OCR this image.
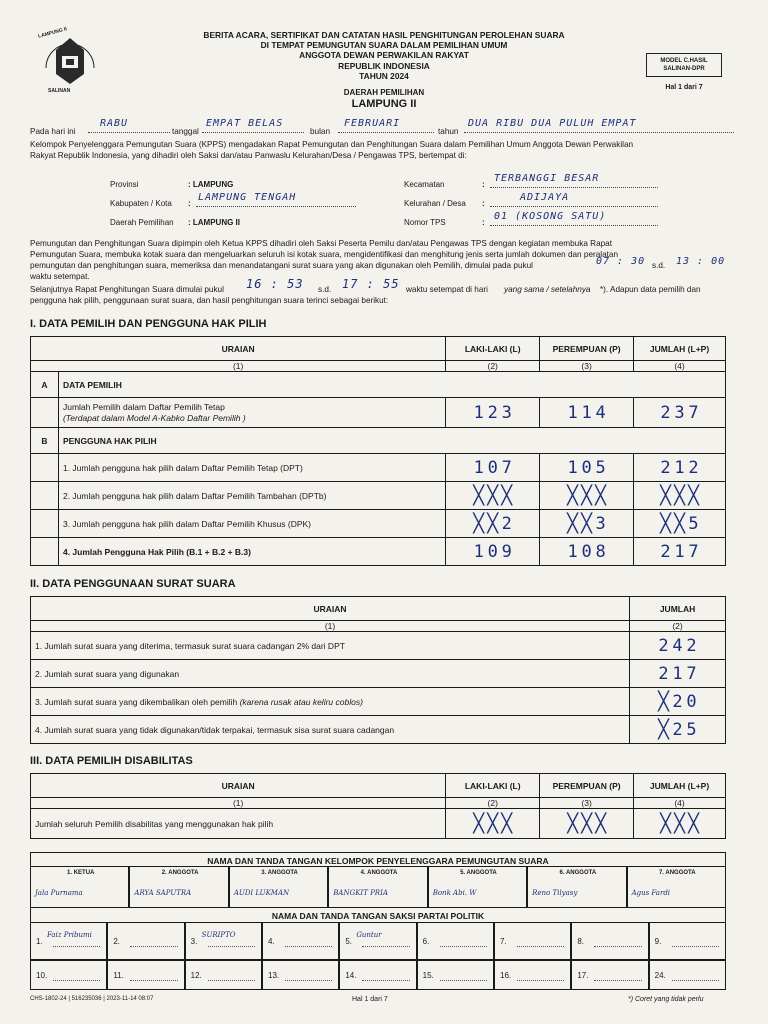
LAMPUNG II
SALINAN
BERITA ACARA, SERTIFIKAT DAN CATATAN HASIL PENGHITUNGAN PEROLEHAN SUARA
DI TEMPAT PEMUNGUTAN SUARA DALAM PEMILIHAN UMUM
ANGGOTA DEWAN PERWAKILAN RAKYAT
REPUBLIK INDONESIA
TAHUN 2024
DAERAH PEMILIHAN
LAMPUNG II
MODEL C.HASIL
SALINAN-DPR
Hal 1 dari 7
Pada hari ini
RABU
tanggal
EMPAT BELAS
bulan
FEBRUARI
tahun
DUA RIBU DUA PULUH EMPAT
Kelompok Penyelenggara Pemungutan Suara (KPPS) mengadakan Rapat Pemungutan dan Penghitungan Suara dalam Pemilihan Umum Anggota Dewan Perwakilan
Rakyat Republik Indonesia, yang dihadiri oleh Saksi dan/atau Panwaslu Kelurahan/Desa / Pengawas TPS, bertempat di:
Provinsi	: LAMPUNG
Kabupaten / Kota :
LAMPUNG TENGAH
Daerah Pemilihan : LAMPUNG II
Kecamatan	:
TERBANGGI BESAR
Kelurahan / Desa :
ADIJAYA
Nomor TPS	:
01 (KOSONG SATU)
Pemungutan dan Penghitungan Suara dipimpin oleh Ketua KPPS dihadiri oleh Saksi Peserta Pemilu dan/atau Pengawas TPS dengan kegiatan membuka Rapat
Pemungutan Suara, membuka kotak suara dan mengeluarkan seluruh isi kotak suara, mengidentifikasi dan menghitung jenis serta jumlah dokumen dan peralatan
pemungutan dan penghitungan suara, memeriksa dan menandatangani surat suara yang akan digunakan oleh Pemilih, dimulai pada pukul	07 : 30 s.d. 13 : 00
waktu setempat.
Selanjutnya Rapat Penghitungan Suara dimulai pukul 16 : 53 s.d. 17 : 55 waktu setempat di hari yang sama / setelahnya *). Adapun data pemilih dan
pengguna hak pilih, penggunaan surat suara, dan hasil penghitungan suara terinci sebagai berikut:
I. DATA PEMILIH DAN PENGGUNA HAK PILIH
URAIAN		LAKI-LAKI (L)	PEREMPUAN (P)	JUMLAH (L+P)
(1)		(2)	(3)	(4)
A	DATA PEMILIH			

	Jumlah Pemilih dalam Daftar Pemilih Tetap
(Terdapat dalam Model A-Kabko Daftar Pemilih )	1 2 3	1 1 4	2 3 7
B	PENGGUNA HAK PILIH			
	1. Jumlah pengguna hak pilih dalam Daftar Pemilih Tetap (DPT)	1 0 7	1 0 5	2 1 2
	2. Jumlah pengguna hak pilih dalam Daftar Pemilih Tambahan (DPTb)	╳ ╳ ╳	╳ ╳ ╳	╳ ╳ ╳
	3. Jumlah pengguna hak pilih dalam Daftar Pemilih Khusus (DPK)	╳ ╳ 2	╳ ╳ 3	╳ ╳ 5
	4. Jumlah Pengguna Hak Pilih (B.1 + B.2 + B.3)	1 0 9	1 0 8	2 1 7
II. DATA PENGGUNAAN SURAT SUARA
URAIAN	JUMLAH
(1)	(2)
1. Jumlah surat suara yang diterima, termasuk surat suara cadangan 2% dari DPT	2 4 2
2. Jumlah surat suara yang digunakan	2 1 7
3. Jumlah surat suara yang dikembalikan oleh pemilih (karena rusak atau keliru coblos)	╳ 2 0
4. Jumlah surat suara yang tidak digunakan/tidak terpakai, termasuk sisa surat suara cadangan	╳ 2 5
III. DATA PEMILIH DISABILITAS
URAIAN	LAKI-LAKI (L)	PEREMPUAN (P)	JUMLAH (L+P)
(1)	(2)	(3)	(4)
Jumlah seluruh Pemilih disabilitas yang menggunakan hak pilih	╳ ╳ ╳	╳ ╳ ╳	╳ ╳ ╳
NAMA DAN TANDA TANGAN KELOMPOK PENYELENGGARA PEMUNGUTAN SUARA
1. KETUA
Jala Purnama
2. ANGGOTA
ARYA SAPUTRA
3. ANGGOTA
AUDI LUKMAN
4. ANGGOTA
BANGKIT PRIA
5. ANGGOTA
Bonk Abi. W
6. ANGGOTA
Reno Tilyasy
7. ANGGOTA
Agus Fardi
NAMA DAN TANDA TANGAN SAKSI PARTAI POLITIK
1.
Faiz Pribumi
2.	3.
SURIPTO
4.	5.
Guntur
6.	7.	8.	9.
10.	11.	12.	13.	14.	15.	16.	17.	24.
CHS-1802-24 | 516235036 | 2023-11-14 08:07	Hal 1 dari 7	*) Coret yang tidak perlu
